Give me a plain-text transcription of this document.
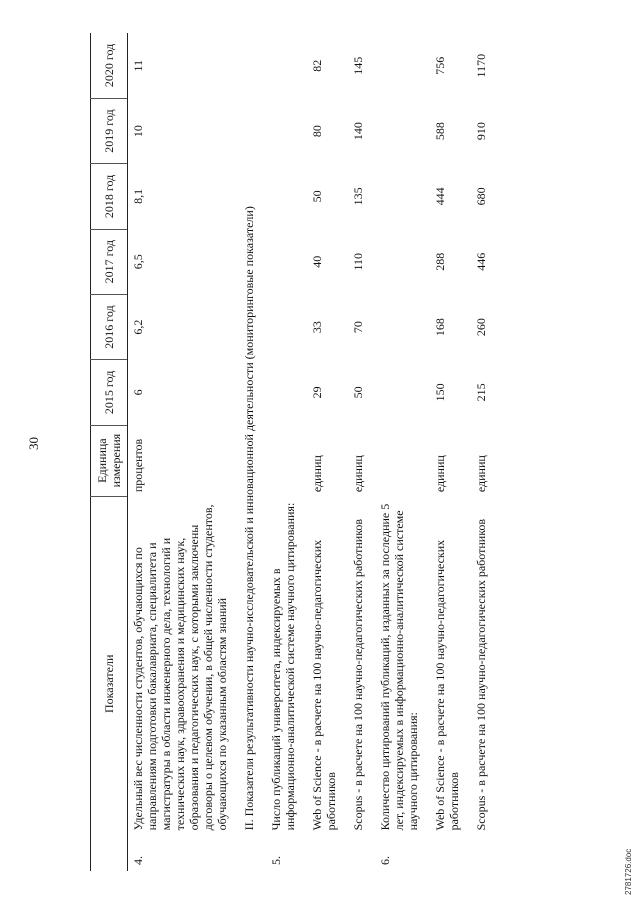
30
Показатели		Единица измерения	2015 год	2016 год	2017 год	2018 год	2019 год	2020 год
4.	Удельный вес численности студентов, обучающихся по направлениям подготовки бакалавриата, специалитета и магистратуры в области инженерного дела, технологий и технических наук, здравоохранения и медицинских наук, образования и педагогических наук, с которыми заключены договоры о целевом обучении, в общей численности студентов, обучающихся по указанным областям знаний	процентов	6	6,2	6,5	8,1	10	11
	II. Показатели результативности научно-исследовательской и инновационной деятельности (мониторинговые показатели)							
5.	Число публикаций университета, индексируемых в информационно-аналитической системе научного цитирования:							
	Web of Science - в расчете на 100 научно-педагогических работников	единиц	29	33	40	50	80	82
	Scopus - в расчете на 100 научно-педагогических работников	единиц	50	70	110	135	140	145
6.	Количество цитирований публикаций, изданных за последние 5 лет, индексируемых в информационно-аналитической системе научного цитирования:							
	Web of Science - в расчете на 100 научно-педагогических работников	единиц	150	168	288	444	588	756
	Scopus - в расчете на 100 научно-педагогических работников	единиц	215	260	446	680	910	1170
2781726.doc
